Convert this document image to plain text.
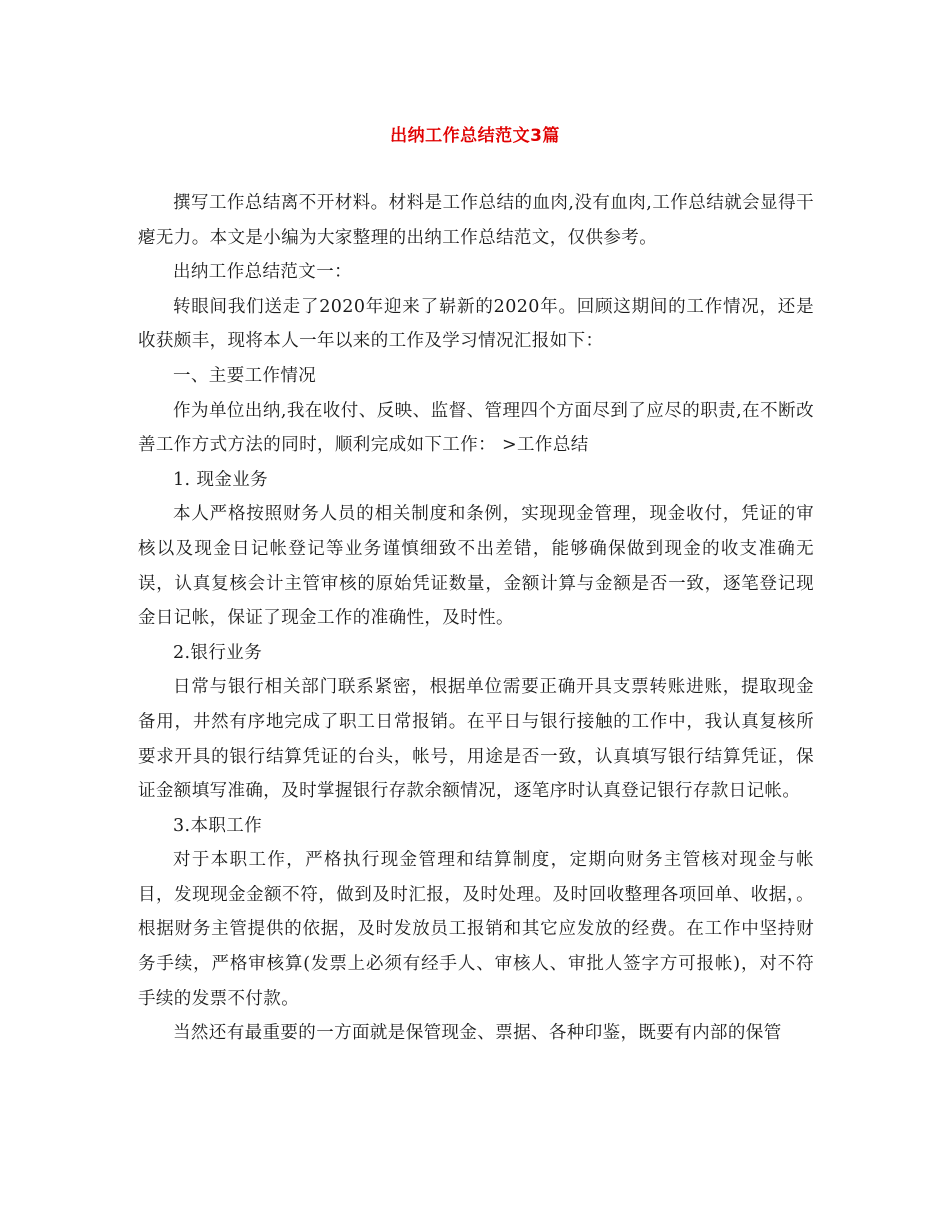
出纳工作总结范文3篇

撰写工作总结离不开材料。材料是工作总结的血肉,没有血肉,工作总结就会显得干瘪无力。本文是小编为大家整理的出纳工作总结范文，仅供参考。

出纳工作总结范文一：

转眼间我们送走了2020年迎来了崭新的2020年。回顾这期间的工作情况，还是收获颇丰，现将本人一年以来的工作及学习情况汇报如下：

一、主要工作情况

作为单位出纳,我在收付、反映、监督、管理四个方面尽到了应尽的职责,在不断改善工作方式方法的同时，顺利完成如下工作： >工作总结

1. 现金业务

本人严格按照财务人员的相关制度和条例，实现现金管理，现金收付，凭证的审核以及现金日记帐登记等业务谨慎细致不出差错，能够确保做到现金的收支准确无误，认真复核会计主管审核的原始凭证数量，金额计算与金额是否一致，逐笔登记现金日记帐，保证了现金工作的准确性，及时性。

2.银行业务

日常与银行相关部门联系紧密，根据单位需要正确开具支票转账进账，提取现金备用，井然有序地完成了职工日常报销。在平日与银行接触的工作中，我认真复核所要求开具的银行结算凭证的台头，帐号，用途是否一致，认真填写银行结算凭证，保证金额填写准确，及时掌握银行存款余额情况，逐笔序时认真登记银行存款日记帐。

3.本职工作

对于本职工作，严格执行现金管理和结算制度，定期向财务主管核对现金与帐目，发现现金金额不符，做到及时汇报，及时处理。及时回收整理各项回单、收据，。根据财务主管提供的依据，及时发放员工报销和其它应发放的经费。在工作中坚持财务手续，严格审核算(发票上必须有经手人、审核人、审批人签字方可报帐)，对不符手续的发票不付款。

当然还有最重要的一方面就是保管现金、票据、各种印鉴，既要有内部的保管
